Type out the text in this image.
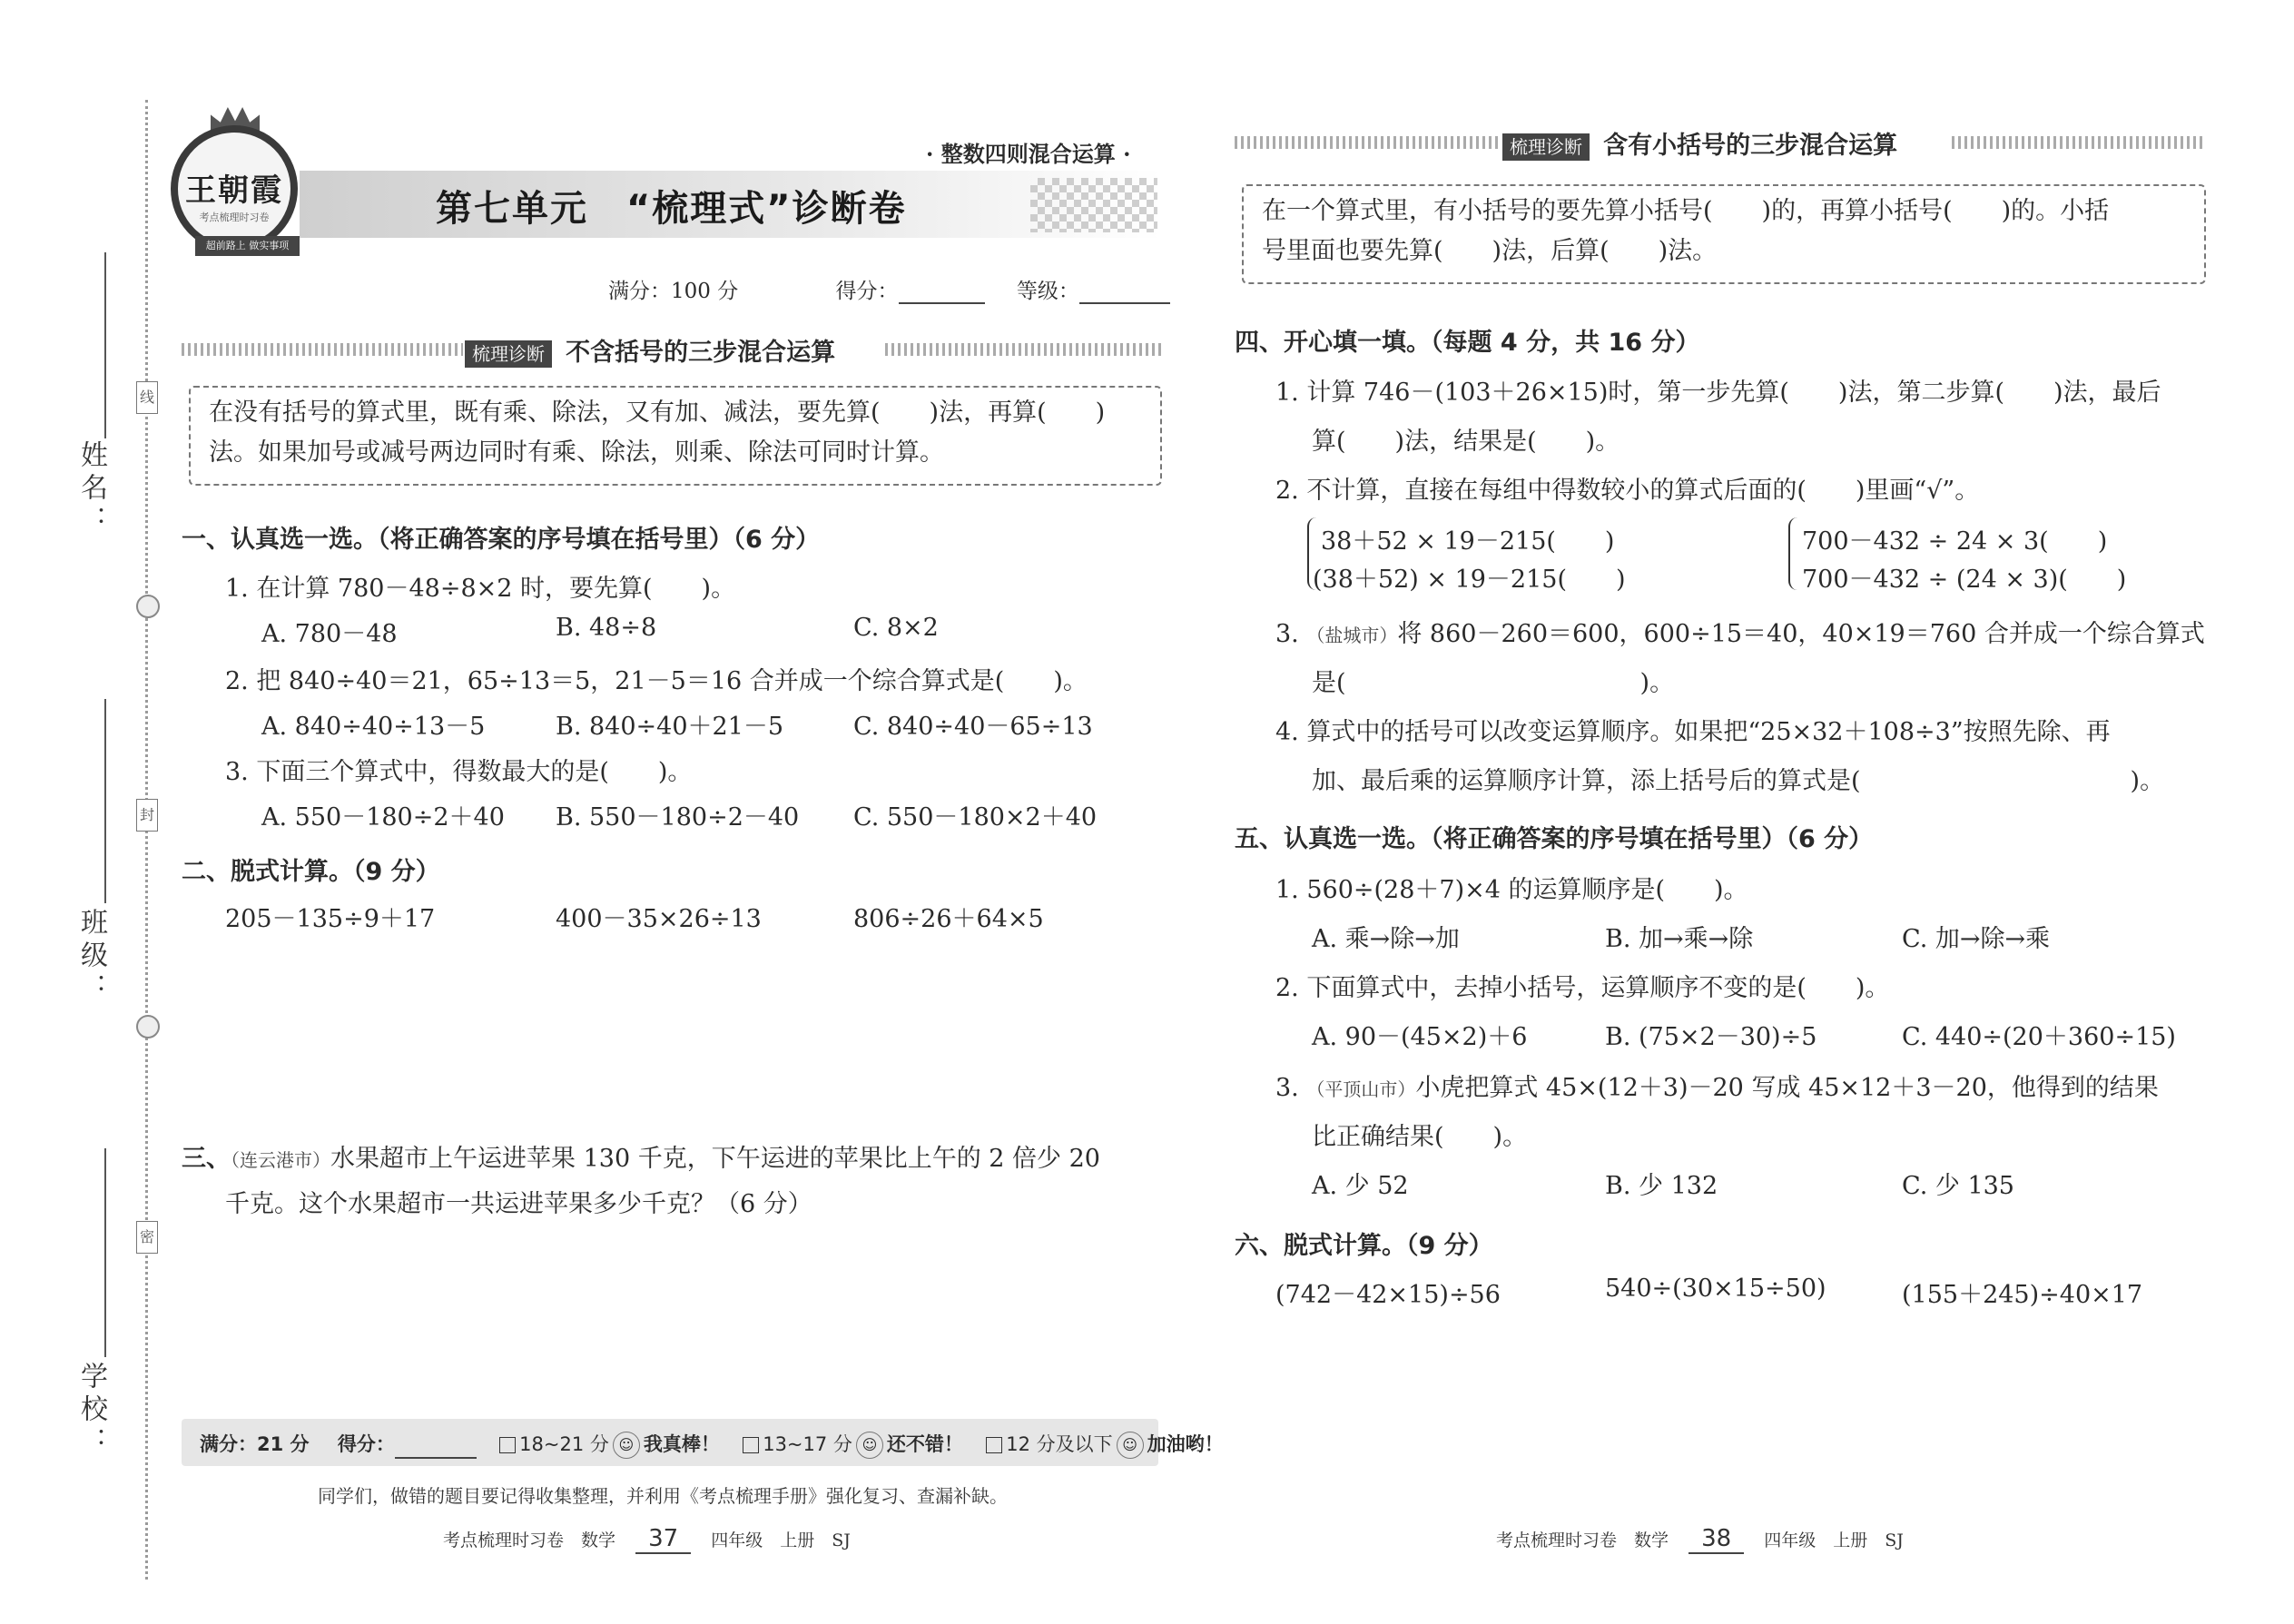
姓名：
班级：
学校：
线
封
密
王朝霞
考点梳理时习卷
超前路上 做实事项
· 整数四则混合运算 ·
第七单元　“梳理式”诊断卷
满分：100 分	得分：	等级：
梳理诊断 不含括号的三步混合运算
在没有括号的算式里，既有乘、除法，又有加、减法，要先算(　　)法，再算(　　)
法。如果加号或减号两边同时有乘、除法，则乘、除法可同时计算。
一、认真选一选。（将正确答案的序号填在括号里）（6 分）
1. 在计算 780－48÷8×2 时，要先算(　　)。
A. 780－48	B. 48÷8	C. 8×2
2. 把 840÷40＝21，65÷13＝5，21－5＝16 合并成一个综合算式是(　　)。
A. 840÷40÷13－5	B. 840÷40＋21－5	C. 840÷40－65÷13
3. 下面三个算式中，得数最大的是(　　)。
A. 550－180÷2＋40 B. 550－180÷2－40 C. 550－180×2＋40
二、脱式计算。（9 分）
205－135÷9＋17	400－35×26÷13	806÷26＋64×5
三、（连云港市）水果超市上午运进苹果 130 千克，下午运进的苹果比上午的 2 倍少 20
千克。这个水果超市一共运进苹果多少千克？（6 分）
满分：21 分 得分：	18~21 分 ☺ 我真棒！ 13~17 分 ☺ 还不错！ 12 分及以下 ☺ 加油哟！
同学们，做错的题目要记得收集整理，并利用《考点梳理手册》强化复习、查漏补缺。
考点梳理时习卷　数学 37 四年级　上册　SJ
梳理诊断 含有小括号的三步混合运算
在一个算式里，有小括号的要先算小括号(　　)的，再算小括号(　　)的。小括
号里面也要先算(　　)法，后算(　　)法。
四、开心填一填。（每题 4 分，共 16 分）
1. 计算 746－(103＋26×15)时，第一步先算(　　)法，第二步算(　　)法，最后
算(　　)法，结果是(　　)。
2. 不计算，直接在每组中得数较小的算式后面的(　　)里画“√”。
38＋52 × 19－215(　　)
(38＋52) × 19－215(　　)
700－432 ÷ 24 × 3(　　)
700－432 ÷ (24 × 3)(　　)
3. （盐城市）将 860－260＝600，600÷15＝40，40×19＝760 合并成一个综合算式
是(　　　　　　　　　　　　)。
4. 算式中的括号可以改变运算顺序。如果把“25×32＋108÷3”按照先除、再
加、最后乘的运算顺序计算，添上括号后的算式是(　　　　　　　　　　　)。
五、认真选一选。（将正确答案的序号填在括号里）（6 分）
1. 560÷(28＋7)×4 的运算顺序是(　　)。
A. 乘→除→加	B. 加→乘→除	C. 加→除→乘
2. 下面算式中，去掉小括号，运算顺序不变的是(　　)。
A. 90－(45×2)＋6	B. (75×2－30)÷5	C. 440÷(20＋360÷15)
3. （平顶山市）小虎把算式 45×(12＋3)－20 写成 45×12＋3－20，他得到的结果
比正确结果(　　)。
A. 少 52	B. 少 132	C. 少 135
六、脱式计算。（9 分）
(742－42×15)÷56	540÷(30×15÷50)	(155＋245)÷40×17
考点梳理时习卷　数学 38 四年级　上册　SJ
